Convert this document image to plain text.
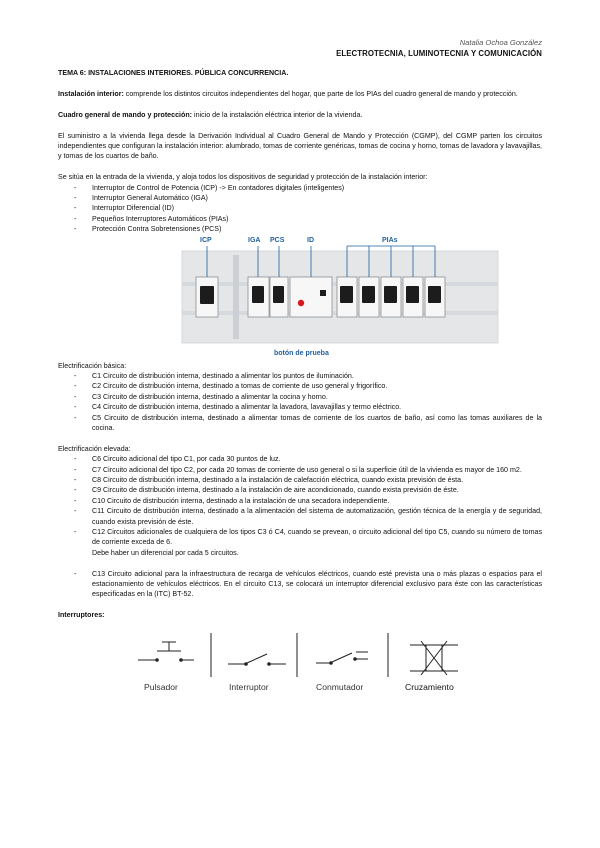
Natalia Ochoa González
ELECTROTECNIA, LUMINOTECNIA Y COMUNICACIÓN

TEMA 6: INSTALACIONES INTERIORES. PÚBLICA CONCURRENCIA.

Instalación interior: comprende los distintos circuitos independientes del hogar, que parte de los PIAs del cuadro general de mando y protección.

Cuadro general de mando y protección: inicio de la instalación eléctrica interior de la vivienda.

El suministro a la vivienda llega desde la Derivación Individual al Cuadro General de Mando y Protección (CGMP), del CGMP parten los circuitos independientes que configuran la instalación interior: alumbrado, tomas de corriente genéricas, tomas de cocina y horno, tomas de lavadora y lavavajillas, y tomas de los cuartos de baño.

Se sitúa en la entrada de la vivienda, y aloja todos los dispositivos de seguridad y protección de la instalación interior:

- Interruptor de Control de Potencia (ICP) -> En contadores digitales (inteligentes)
- Interruptor General Automático (IGA)
- Interruptor Diferencial (ID)
- Pequeños Interruptores Automáticos (PIAs)
- Protección Contra Sobretensiones (PCS)
ICP	IGA PCS	ID	PIAs
botón de prueba

Electrificación básica:

- C1 Circuito de distribución interna, destinado a alimentar los puntos de iluminación.
- C2 Circuito de distribución interna, destinado a tomas de corriente de uso general y frigorífico.
- C3 Circuito de distribución interna, destinado a alimentar la cocina y horno.
- C4 Circuito de distribución interna, destinado a alimentar la lavadora, lavavajillas y termo eléctrico.
- C5 Circuito de distribución interna, destinado a alimentar tomas de corriente de los cuartos de baño, así como las tomas auxiliares de la cocina.

Electrificación elevada:

- C6 Circuito adicional del tipo C1, por cada 30 puntos de luz.
- C7 Circuito adicional del tipo C2, por cada 20 tomas de corriente de uso general o si la superficie útil de la vivienda es mayor de 160 m2.
- C8 Circuito de distribución interna, destinado a la instalación de calefacción eléctrica, cuando exista previsión de ésta.
- C9 Circuito de distribución interna, destinado a la instalación de aire acondicionado, cuando exista previsión de éste.
- C10 Circuito de distribución interna, destinado a la instalación de una secadora independiente.
- C11 Circuito de distribución interna, destinado a la alimentación del sistema de automatización, gestión técnica de la energía y de seguridad, cuando exista previsión de éste.
- C12 Circuitos adicionales de cualquiera de los tipos C3 ó C4, cuando se prevean, o circuito adicional del tipo C5, cuando su número de tomas de corriente exceda de 6.

Debe haber un diferencial por cada 5 circuitos.

- C13 Circuito adicional para la infraestructura de recarga de vehículos eléctricos, cuando esté prevista una o más plazas o espacios para el estacionamiento de vehículos eléctricos. En el circuito C13, se colocará un interruptor diferencial exclusivo para éste con las características especificadas en la (ITC) BT-52.

Interruptores:

Pulsador	Interruptor	Conmutador	Cruzamiento
